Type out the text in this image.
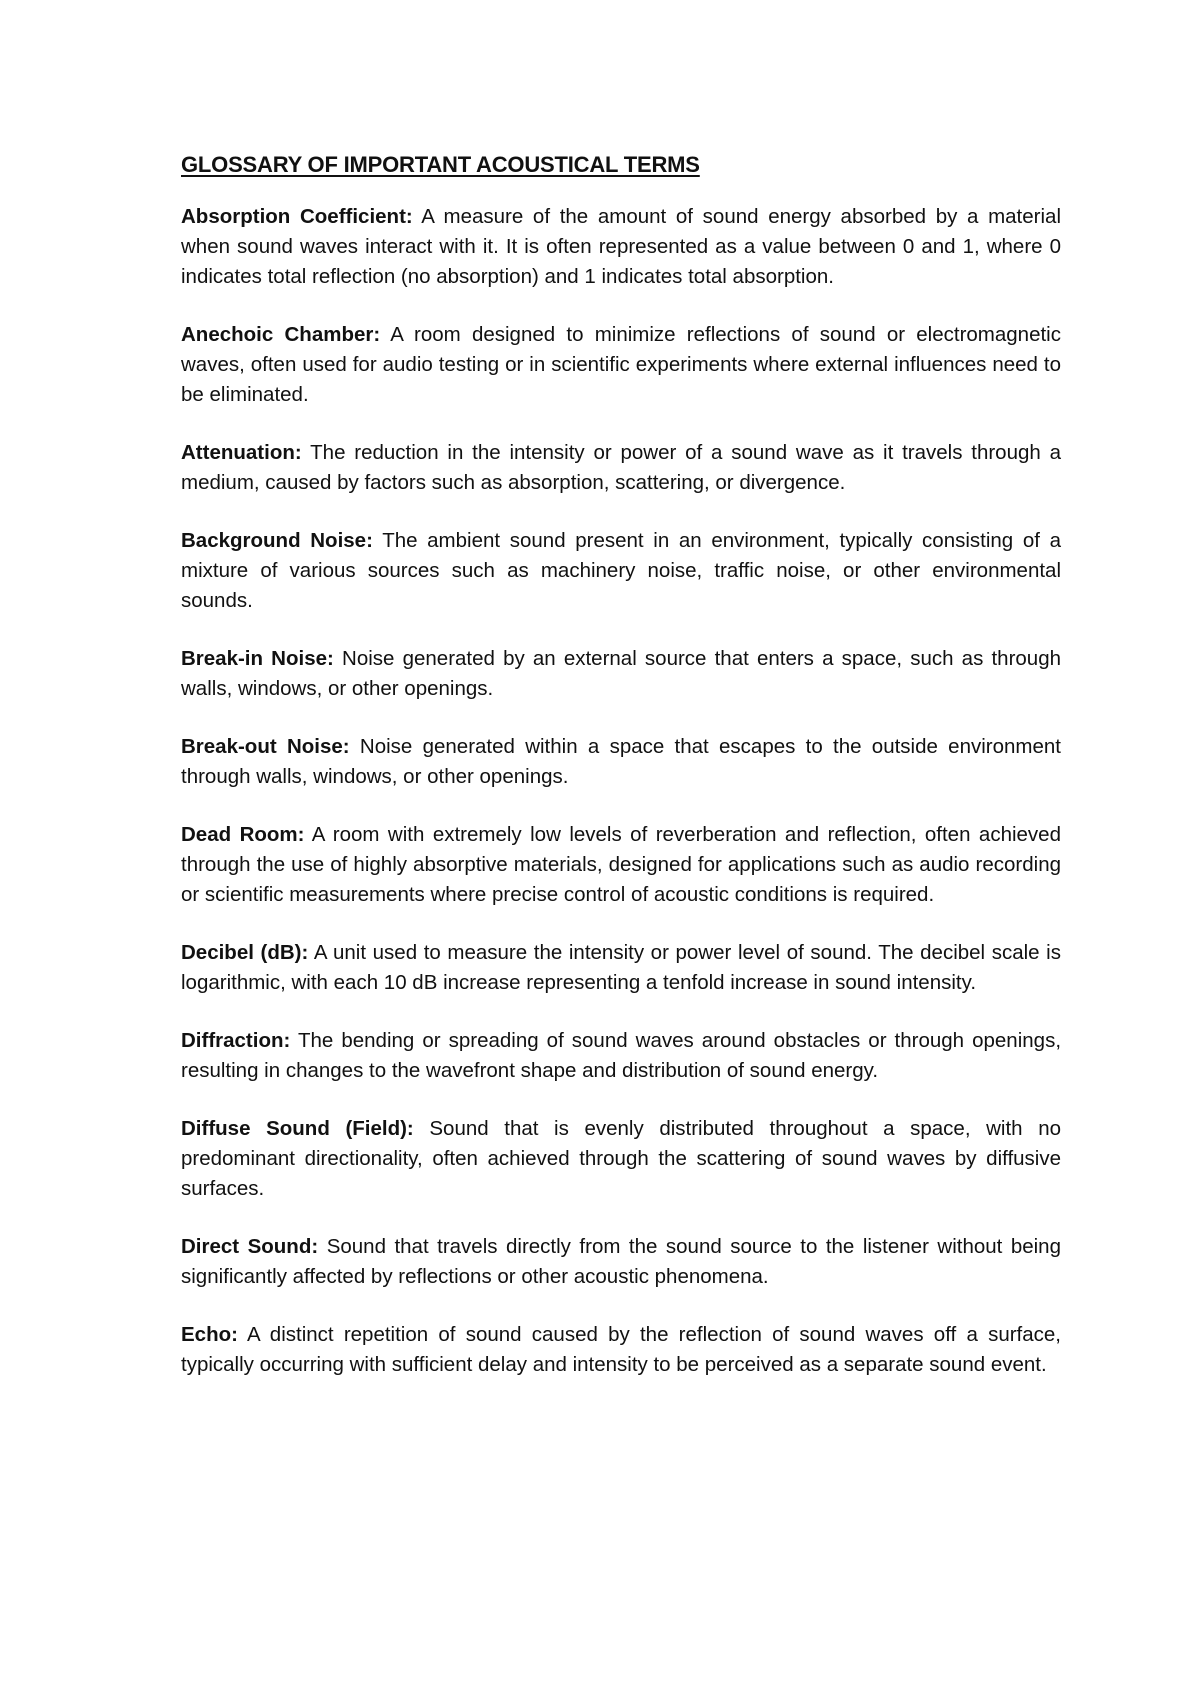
GLOSSARY OF IMPORTANT ACOUSTICAL TERMS

Absorption Coefficient: A measure of the amount of sound energy absorbed by a material when sound waves interact with it. It is often represented as a value between 0 and 1, where 0 indicates total reflection (no absorption) and 1 indicates total absorption.

Anechoic Chamber: A room designed to minimize reflections of sound or electromagnetic waves, often used for audio testing or in scientific experiments where external influences need to be eliminated.

Attenuation: The reduction in the intensity or power of a sound wave as it travels through a medium, caused by factors such as absorption, scattering, or divergence.

Background Noise: The ambient sound present in an environment, typically consisting of a mixture of various sources such as machinery noise, traffic noise, or other environmental sounds.

Break-in Noise: Noise generated by an external source that enters a space, such as through walls, windows, or other openings.

Break-out Noise: Noise generated within a space that escapes to the outside environment through walls, windows, or other openings.

Dead Room: A room with extremely low levels of reverberation and reflection, often achieved through the use of highly absorptive materials, designed for applications such as audio recording or scientific measurements where precise control of acoustic conditions is required.

Decibel (dB): A unit used to measure the intensity or power level of sound. The decibel scale is logarithmic, with each 10 dB increase representing a tenfold increase in sound intensity.

Diffraction: The bending or spreading of sound waves around obstacles or through openings, resulting in changes to the wavefront shape and distribution of sound energy.

Diffuse Sound (Field): Sound that is evenly distributed throughout a space, with no predominant directionality, often achieved through the scattering of sound waves by diffusive surfaces.

Direct Sound: Sound that travels directly from the sound source to the listener without being significantly affected by reflections or other acoustic phenomena.

Echo: A distinct repetition of sound caused by the reflection of sound waves off a surface, typically occurring with sufficient delay and intensity to be perceived as a separate sound event.
